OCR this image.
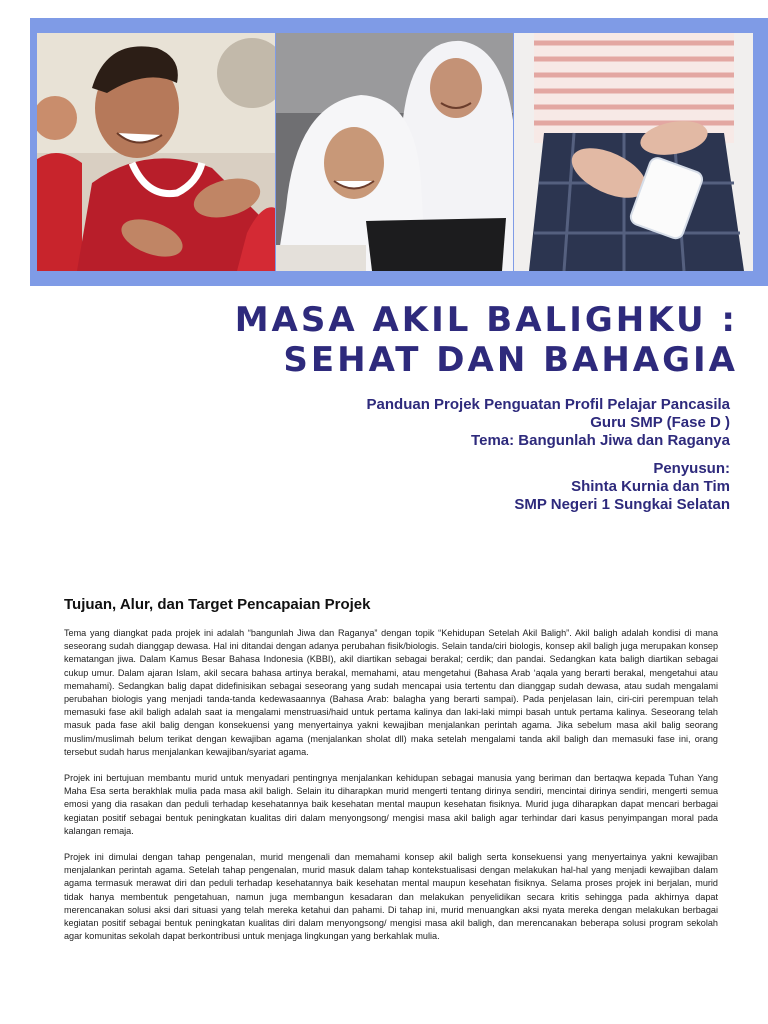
MASA AKIL BALIGHKU :
SEHAT DAN BAHAGIA
Panduan Projek Penguatan Profil Pelajar Pancasila
Guru SMP (Fase D )
Tema: Bangunlah Jiwa dan Raganya
Penyusun:
Shinta Kurnia dan Tim
SMP Negeri 1 Sungkai Selatan
Tujuan, Alur, dan Target Pencapaian Projek

Tema yang diangkat pada projek ini adalah “bangunlah Jiwa dan Raganya” dengan topik “Kehidupan Setelah Akil Baligh”. Akil baligh adalah kondisi di mana seseorang sudah dianggap dewasa. Hal ini ditandai dengan adanya perubahan fisik/biologis. Selain tanda/ciri biologis, konsep akil baligh juga merupakan konsep kematangan jiwa. Dalam Kamus Besar Bahasa Indonesia (KBBI), akil diartikan sebagai berakal; cerdik; dan pandai. Sedangkan kata baligh diartikan sebagai cukup umur. Dalam ajaran Islam, akil secara bahasa artinya berakal, memahami, atau mengetahui (Bahasa Arab ‘aqala yang berarti berakal, mengetahui atau memahami). Sedangkan balig dapat didefinisikan sebagai seseorang yang sudah mencapai usia tertentu dan dianggap sudah dewasa, atau sudah mengalami perubahan biologis yang menjadi tanda-tanda kedewasaannya (Bahasa Arab: balagha yang berarti sampai). Pada penjelasan lain, ciri-ciri perempuan telah memasuki fase akil baligh adalah saat ia mengalami menstruasi/haid untuk pertama kalinya dan laki-laki mimpi basah untuk pertama kalinya. Seseorang telah masuk pada fase akil balig dengan konsekuensi yang menyertainya yakni kewajiban menjalankan perintah agama. Jika sebelum masa akil balig seorang muslim/muslimah belum terikat dengan kewajiban agama (menjalankan sholat dll) maka setelah mengalami tanda akil baligh dan memasuki fase ini, orang tersebut sudah harus menjalankan kewajiban/syariat agama.

Projek ini bertujuan membantu murid untuk menyadari pentingnya menjalankan kehidupan sebagai manusia yang beriman dan bertaqwa kepada Tuhan Yang Maha Esa serta berakhlak mulia pada masa akil baligh. Selain itu diharapkan murid mengerti tentang dirinya sendiri, mencintai dirinya sendiri, mengerti semua emosi yang dia rasakan dan peduli terhadap kesehatannya baik kesehatan mental maupun kesehatan fisiknya. Murid juga diharapkan dapat mencari berbagai kegiatan positif sebagai bentuk peningkatan kualitas diri dalam menyongsong/ mengisi masa akil baligh agar terhindar dari kasus penyimpangan moral pada kalangan remaja.

Projek ini dimulai dengan tahap pengenalan, murid mengenali dan memahami konsep akil baligh serta konsekuensi yang menyertainya yakni kewajiban menjalankan perintah agama. Setelah tahap pengenalan, murid masuk dalam tahap kontekstualisasi dengan melakukan hal-hal yang menjadi kewajiban dalam agama termasuk merawat diri dan peduli terhadap kesehatannya baik kesehatan mental maupun kesehatan fisiknya. Selama proses projek ini berjalan, murid tidak hanya membentuk pengetahuan, namun juga membangun kesadaran dan melakukan penyelidikan secara kritis sehingga pada akhirnya dapat merencanakan solusi aksi dari situasi yang telah mereka ketahui dan pahami. Di tahap ini, murid menuangkan aksi nyata mereka dengan melakukan berbagai kegiatan positif sebagai bentuk peningkatan kualitas diri dalam menyongsong/ mengisi masa akil baligh, dan merencanakan beberapa solusi program sekolah agar komunitas sekolah dapat berkontribusi untuk menjaga lingkungan yang berkahlak mulia.
